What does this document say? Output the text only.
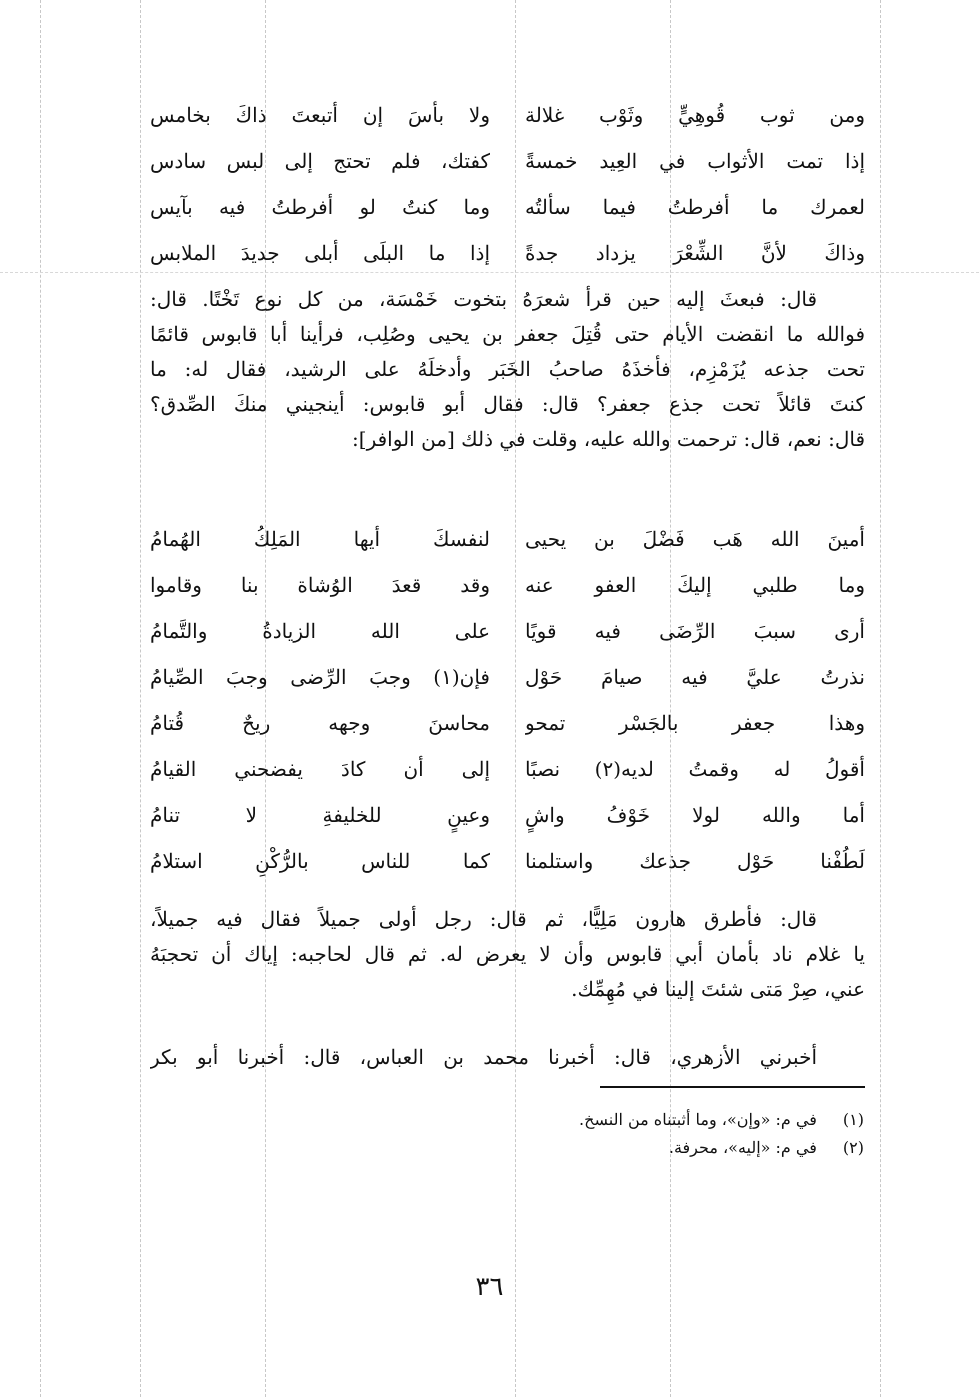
ومن ثوب قُوهِيٍّ وثَوْب غلالة
ولا بأسَ إن أتبعتَ ذاكَ بخامس
إذا تمت الأثواب في العِيد خمسةً
كفتك، فلم تحتج إلى لبس سادس
لعمرك ما أفرطتُ فيما سألتُه
وما كنتُ لو أفرطتُ فيه بآيس
وذاكَ لأنَّ الشِّعْرَ يزداد جدةً
إذا ما البلَى أبلى جديدَ الملابس
قال: فبعثَ إليه حين قرأ شعرَهُ بتخوت خَمْسَة، من كل نوع تَخْتًا. قال:
فوالله ما انقضت الأيام حتى قُتِلَ جعفر بن يحيى وصُلِب، فرأينا أبا قابوس قائمًا
تحت جذعه يُزَمْزِم، فأخذَهُ صاحبُ الخَبَر وأدخلَهُ على الرشيد، فقال له: ما
كنتَ قائلاً تحت جذع جعفر؟ قال: فقال أبو قابوس: أينجيني منكَ الصِّدق؟
قال: نعم، قال: ترحمت والله عليه، وقلت في ذلك [من الوافر]:
أمينَ الله هَب فَضْلَ بن يحيى
لنفسكَ أيها المَلِكُ الهُمامُ
وما طلبي إليكَ العفو عنه
وقد قعدَ الوُشاة بنا وقاموا
أرى سببَ الرِّضَى فيه قويًا
على الله الزيادةُ والتَّمامُ
نذرتُ عليَّ فيه صيامَ حَوْل
فإن(١) وجبَ الرِّضى وجبَ الصِّيامُ
وهذا جعفر بالجَسْر تمحو
محاسنَ وجهه ريحٌ قُتامُ
أقولُ له وقمتُ لديه(٢) نصبًا
إلى أن كادَ يفضحني القيامُ
أما والله لولا خَوْفُ واشٍ
وعينٍ للخليفةِ لا تنامُ
لَطُفْنا حَوْل جذعك واستلمنا
كما للناس بالرُّكْنِ استلامُ
قال: فأطرق هارون مَلِيًّا، ثم قال: رجل أولى جميلاً فقال فيه جميلاً،
يا غلام ناد بأمان أبي قابوس وأن لا يعرض له. ثم قال لحاجبه: إياك أن تحجبَهُ
عني، صِرْ مَتى شئتَ إلينا في مُهِمِّك.
أخبرني الأزهري، قال: أخبرنا محمد بن العباس، قال: أخبرنا أبو بكر
(١) في م: «وإن»، وما أثبتناه من النسخ.
(٢) في م: «إليه»، محرفة.
٣٦
